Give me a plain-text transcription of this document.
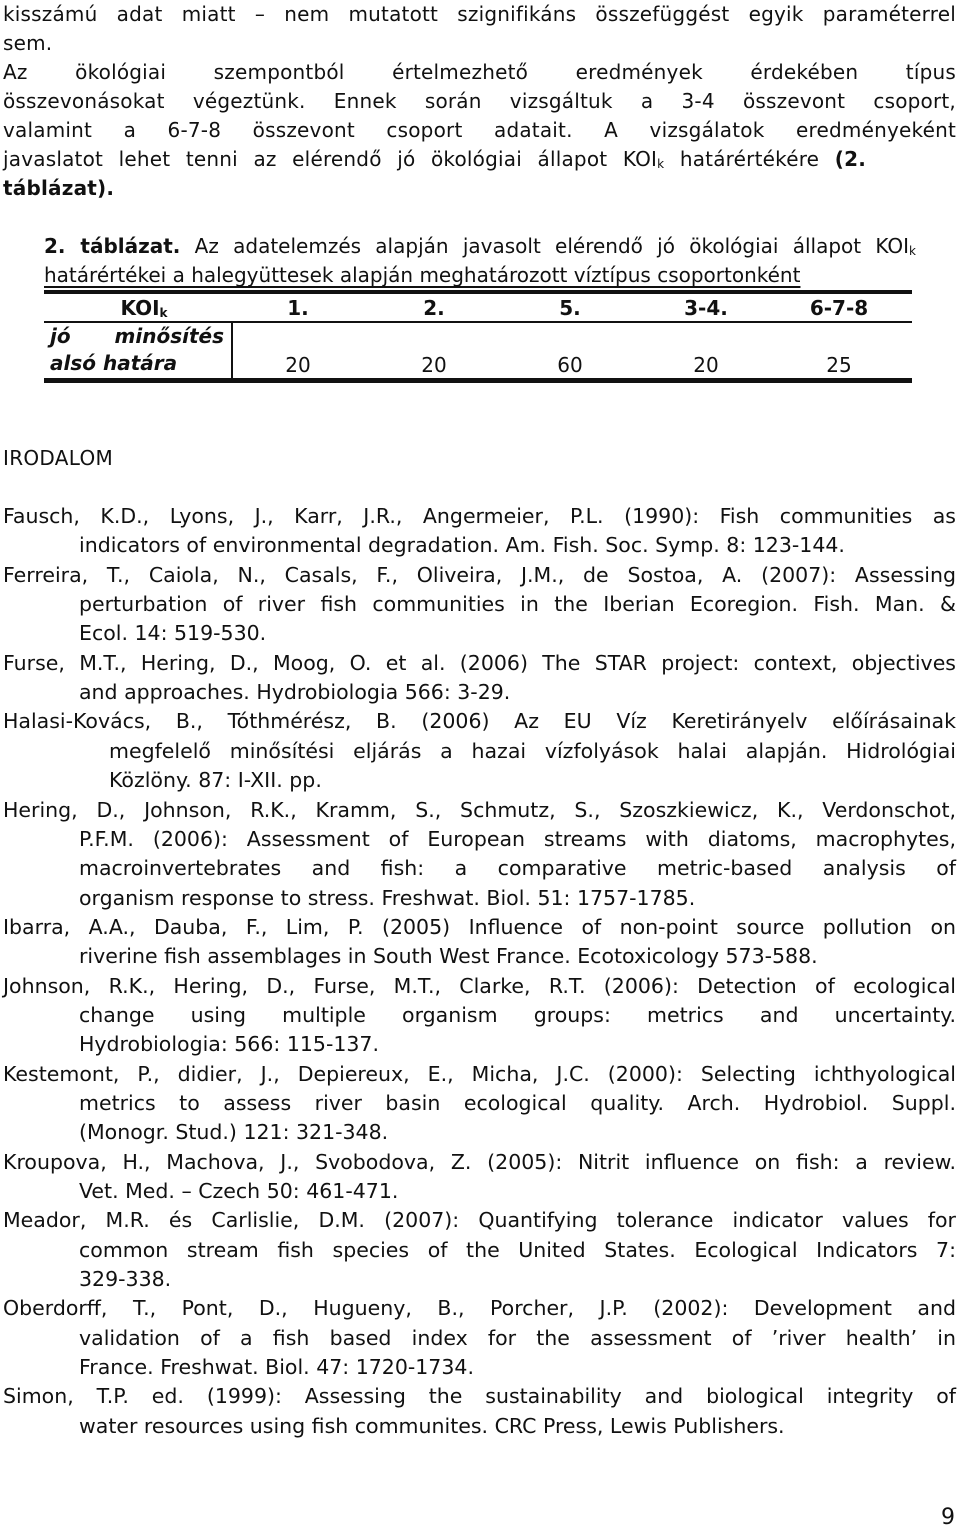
kisszámú adat miatt – nem mutatott szignifikáns összefüggést egyik paraméterrel
sem.
Az ökológiai szempontból értelmezhető eredmények érdekében típus
összevonásokat végeztünk. Ennek során vizsgáltuk a 3-4 összevont csoport,
valamint a 6-7-8 összevont csoport adatait. A vizsgálatok eredményeként
javaslatot lehet tenni az elérendő jó ökológiai állapot KOIk határértékére (2.
táblázat).
2. táblázat. Az adatelemzés alapján javasolt elérendő jó ökológiai állapot KOIk
határértékei a halegyüttesek alapján meghatározott víztípus csoportonként
KOIk	1.	2.	5.	3-4.	6-7-8
jó minősítés
alsó határa	20	20	60	20	25
IRODALOM
Fausch, K.D., Lyons, J., Karr, J.R., Angermeier, P.L. (1990): Fish communities as
indicators of environmental degradation. Am. Fish. Soc. Symp. 8: 123-144.
Ferreira, T., Caiola, N., Casals, F., Oliveira, J.M., de Sostoa, A. (2007): Assessing
perturbation of river fish communities in the Iberian Ecoregion. Fish. Man. &
Ecol. 14: 519-530.
Furse, M.T., Hering, D., Moog, O. et al. (2006) The STAR project: context, objectives
and approaches. Hydrobiologia 566: 3-29.
Halasi-Kovács, B., Tóthmérész, B. (2006) Az EU Víz Keretirányelv előírásainak
megfelelő minősítési eljárás a hazai vízfolyások halai alapján. Hidrológiai
Közlöny. 87: I-XII. pp.
Hering, D., Johnson, R.K., Kramm, S., Schmutz, S., Szoszkiewicz, K., Verdonschot,
P.F.M. (2006): Assessment of European streams with diatoms, macrophytes,
macroinvertebrates and fish: a comparative metric-based analysis of
organism response to stress. Freshwat. Biol. 51: 1757-1785.
Ibarra, A.A., Dauba, F., Lim, P. (2005) Influence of non-point source pollution on
riverine fish assemblages in South West France. Ecotoxicology 573-588.
Johnson, R.K., Hering, D., Furse, M.T., Clarke, R.T. (2006): Detection of ecological
change using multiple organism groups: metrics and uncertainty.
Hydrobiologia: 566: 115-137.
Kestemont, P., didier, J., Depiereux, E., Micha, J.C. (2000): Selecting ichthyological
metrics to assess river basin ecological quality. Arch. Hydrobiol. Suppl.
(Monogr. Stud.) 121: 321-348.
Kroupova, H., Machova, J., Svobodova, Z. (2005): Nitrit influence on fish: a review.
Vet. Med. – Czech 50: 461-471.
Meador, M.R. és Carlislie, D.M. (2007): Quantifying tolerance indicator values for
common stream fish species of the United States. Ecological Indicators 7:
329-338.
Oberdorff, T., Pont, D., Hugueny, B., Porcher, J.P. (2002): Development and
validation of a fish based index for the assessment of ’river health’ in
France. Freshwat. Biol. 47: 1720-1734.
Simon, T.P. ed. (1999): Assessing the sustainability and biological integrity of
water resources using fish communites. CRC Press, Lewis Publishers.
9
